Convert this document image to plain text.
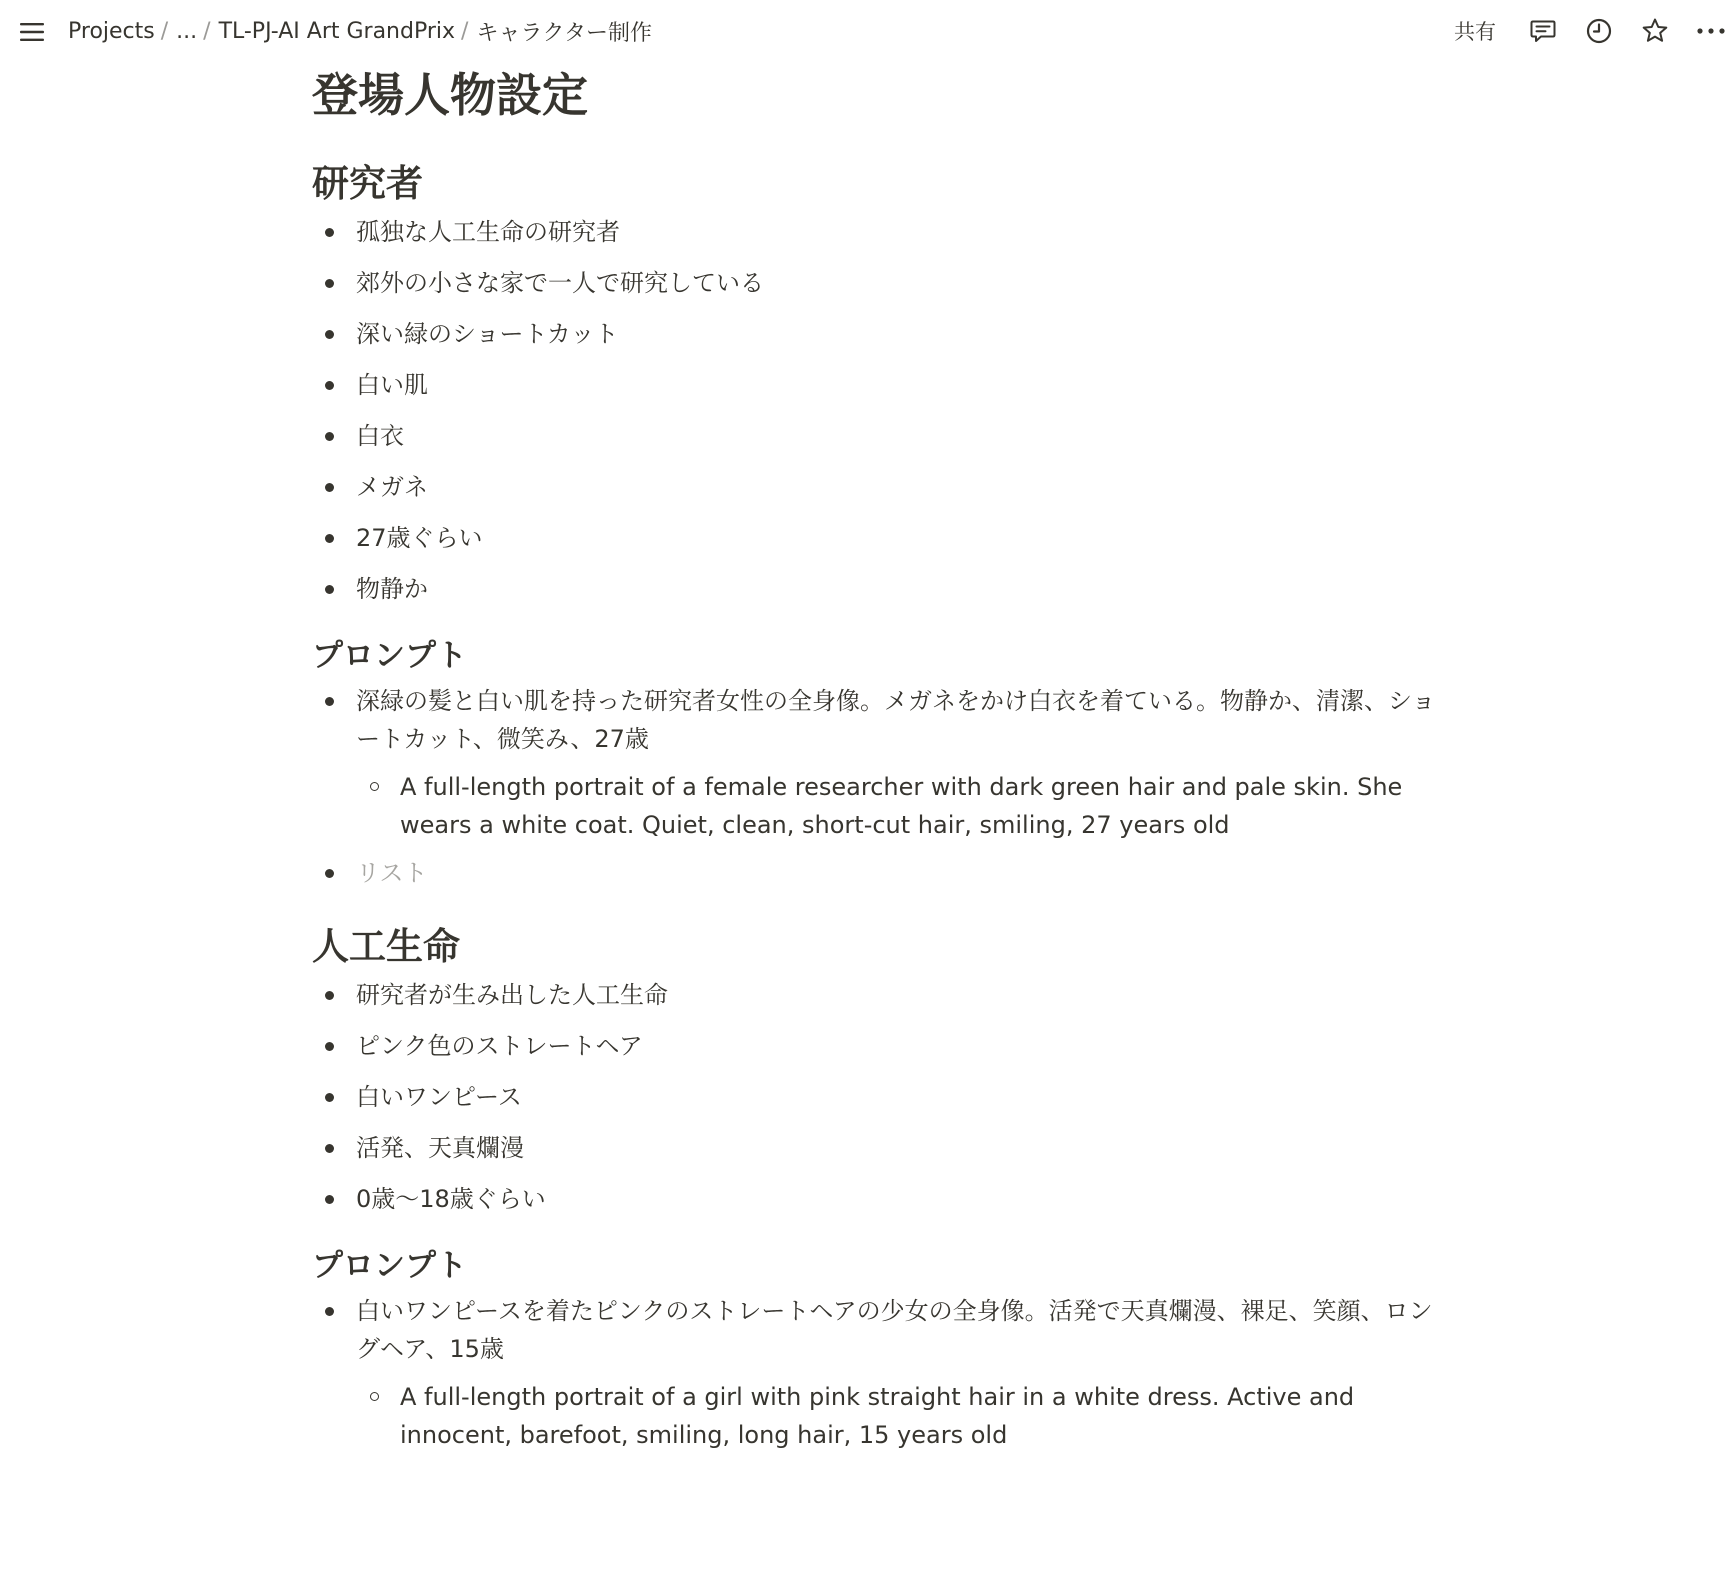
Projects / ... / TL-PJ-AI Art GrandPrix / キャラクター制作	共有
登場人物設定
研究者
孤独な人工生命の研究者
郊外の小さな家で一人で研究している
深い緑のショートカット
白い肌
白衣
メガネ
27歳ぐらい
物静か
プロンプト
深緑の髪と白い肌を持った研究者女性の全身像。メガネをかけ白衣を着ている。物静か、清潔、ショートカット、微笑み、27歳
A full-length portrait of a female researcher with dark green hair and pale skin. She wears a white coat. Quiet, clean, short-cut hair, smiling, 27 years old
リスト
人工生命
研究者が生み出した人工生命
ピンク色のストレートヘア
白いワンピース
活発、天真爛漫
0歳〜18歳ぐらい
プロンプト
白いワンピースを着たピンクのストレートヘアの少女の全身像。活発で天真爛漫、裸足、笑顔、ロングヘア、15歳
A full-length portrait of a girl with pink straight hair in a white dress. Active and innocent, barefoot, smiling, long hair, 15 years old
